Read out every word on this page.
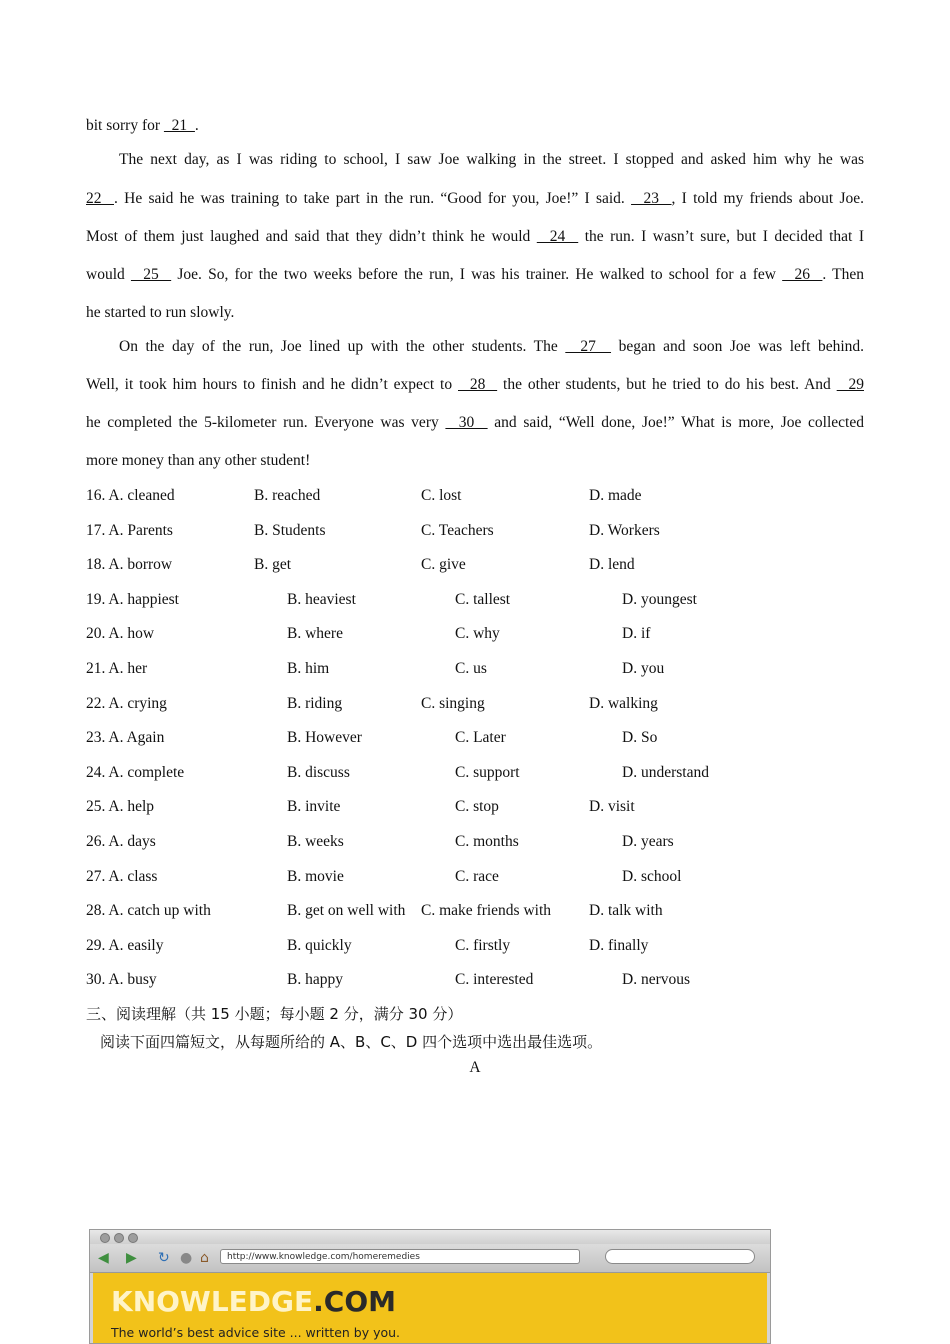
bit sorry for   21  .
The next day, as I was riding to school, I saw Joe walking in the street. I stopped and asked him why he was
22  . He said he was training to take part in the run. “Good for you, Joe!” I said.   23  , I told my friends about Joe.
Most of them just laughed and said that they didn’t think he would   24   the run. I wasn’t sure, but I decided that I
would   25   Joe. So, for the two weeks before the run, I was his trainer. He walked to school for a few   26  . Then
he started to run slowly.
On the day of the run, Joe lined up with the other students. The   27   began and soon Joe was left behind.
Well, it took him hours to finish and he didn’t expect to   28   the other students, but he tried to do his best. And   29
he completed the 5-kilometer run. Everyone was very   30   and said, “Well done, Joe!” What is more, Joe collected
more money than any other student!
16. A. cleaned	B. reached	C. lost	D. made
17. A. Parents	B. Students	C. Teachers	D. Workers
18. A. borrow	B. get	C. give	D. lend
19. A. happiest	B. heaviest	C. tallest	D. youngest
20. A. how	B. where	C. why	D. if
21. A. her	B. him	C. us	D. you
22. A. crying	B. riding	C. singing	D. walking
23. A. Again	B. However	C. Later	D. So
24. A. complete	B. discuss	C. support	D. understand
25. A. help	B. invite	C. stop	D. visit
26. A. days	B. weeks	C. months	D. years
27. A. class	B. movie	C. race	D. school
28. A. catch up with	B. get on well with C. make friends with D. talk with
29. A. easily	B. quickly	C. firstly	D. finally
30. A. busy	B. happy	C. interested	D. nervous
三、阅读理解（共 15 小题；每小题 2 分，满分 30 分）
阅读下面四篇短文，从每题所给的 A、B、C、D 四个选项中选出最佳选项。
A
◀ ▶ ↻ ● ⌂	http://www.knowledge.com/homeremedies
KNOWLEDGE.COM
The world’s best advice site ... written by you.
